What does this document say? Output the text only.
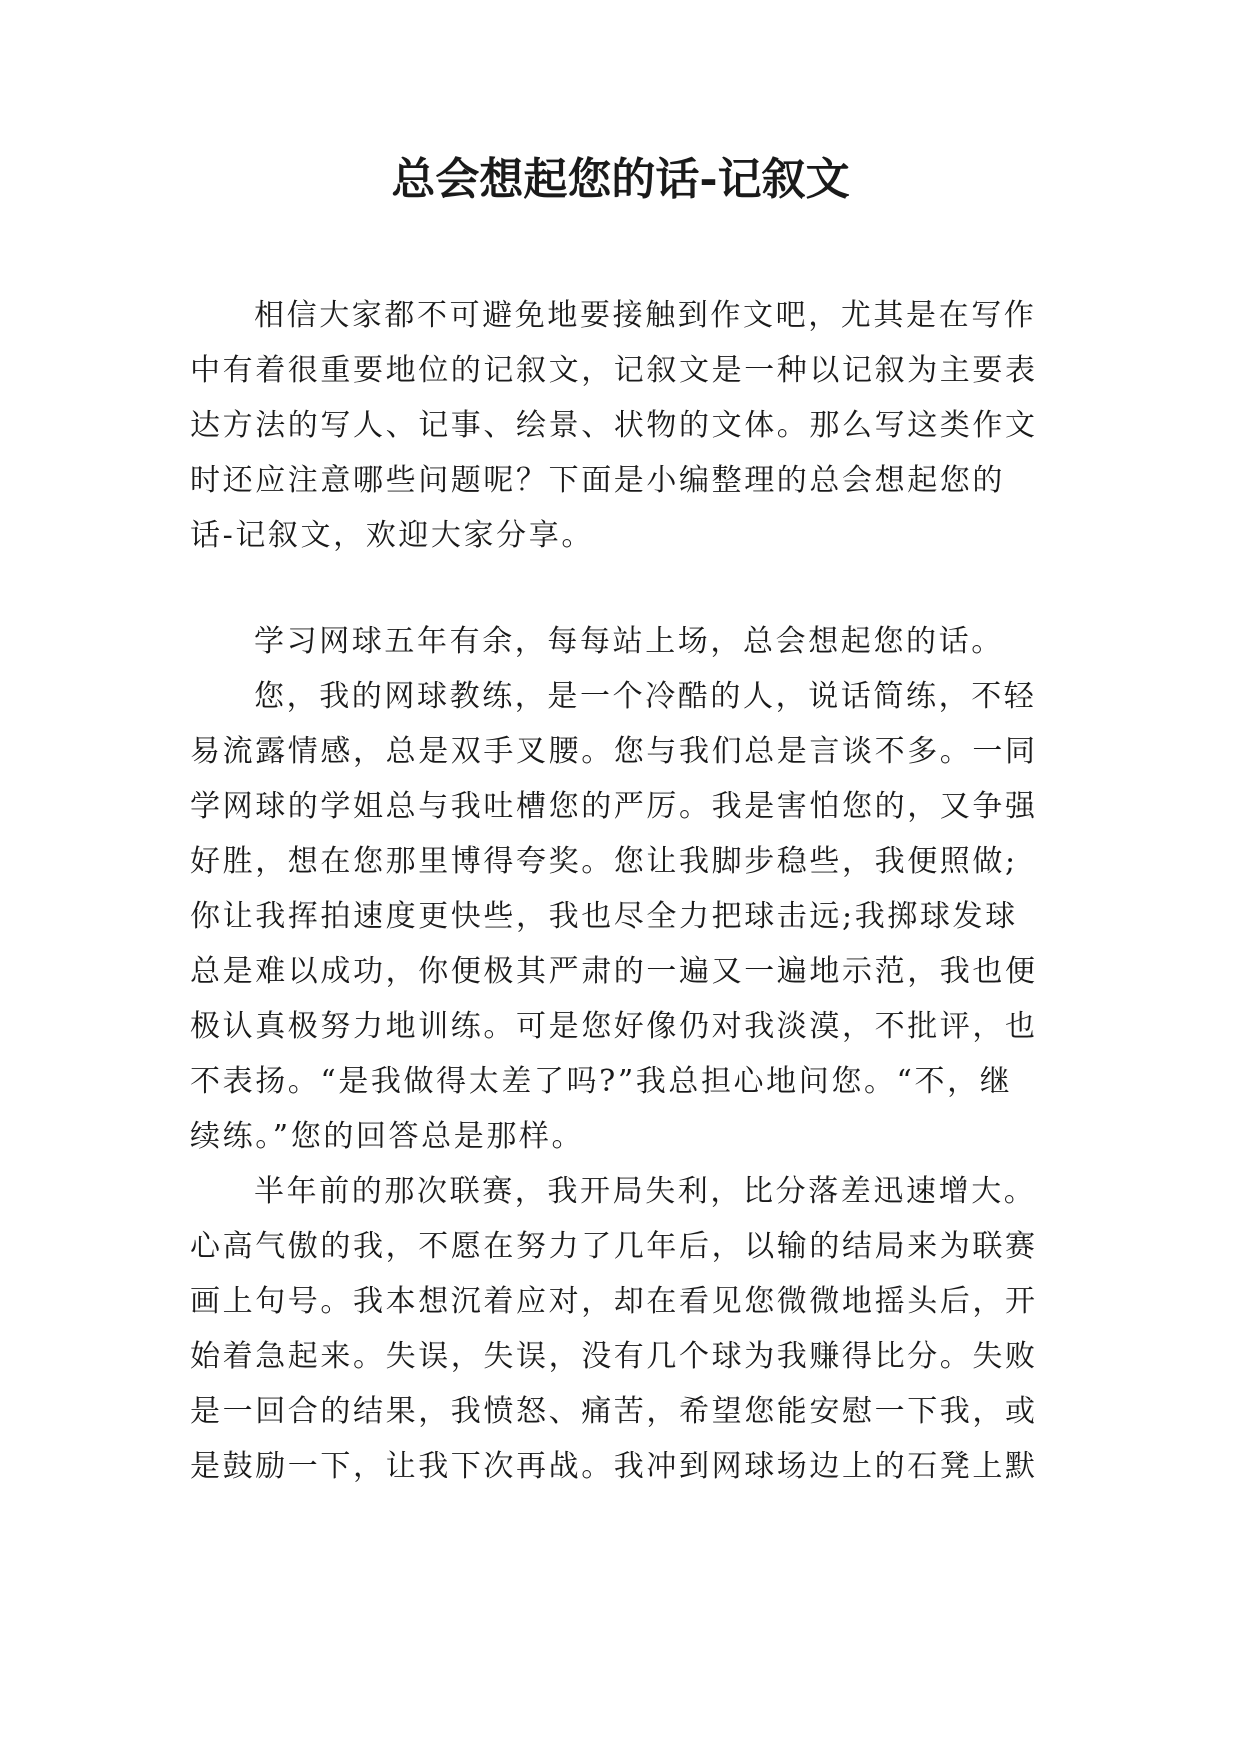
总会想起您的话-记叙文
相信大家都不可避免地要接触到作文吧，尤其是在写作
中有着很重要地位的记叙文，记叙文是一种以记叙为主要表
达方法的写人、记事、绘景、状物的文体。那么写这类作文
时还应注意哪些问题呢？下面是小编整理的总会想起您的
话-记叙文，欢迎大家分享。
学习网球五年有余，每每站上场，总会想起您的话。
您，我的网球教练，是一个冷酷的人，说话简练，不轻
易流露情感，总是双手叉腰。您与我们总是言谈不多。一同
学网球的学姐总与我吐槽您的严厉。我是害怕您的，又争强
好胜，想在您那里博得夸奖。您让我脚步稳些，我便照做;
你让我挥拍速度更快些，我也尽全力把球击远;我掷球发球
总是难以成功，你便极其严肃的一遍又一遍地示范，我也便
极认真极努力地训练。可是您好像仍对我淡漠，不批评，也
不表扬。“是我做得太差了吗?”我总担心地问您。“不，继
续练。”您的回答总是那样。
半年前的那次联赛，我开局失利，比分落差迅速增大。
心高气傲的我，不愿在努力了几年后，以输的结局来为联赛
画上句号。我本想沉着应对，却在看见您微微地摇头后，开
始着急起来。失误，失误，没有几个球为我赚得比分。失败
是一回合的结果，我愤怒、痛苦，希望您能安慰一下我，或
是鼓励一下，让我下次再战。我冲到网球场边上的石凳上默
